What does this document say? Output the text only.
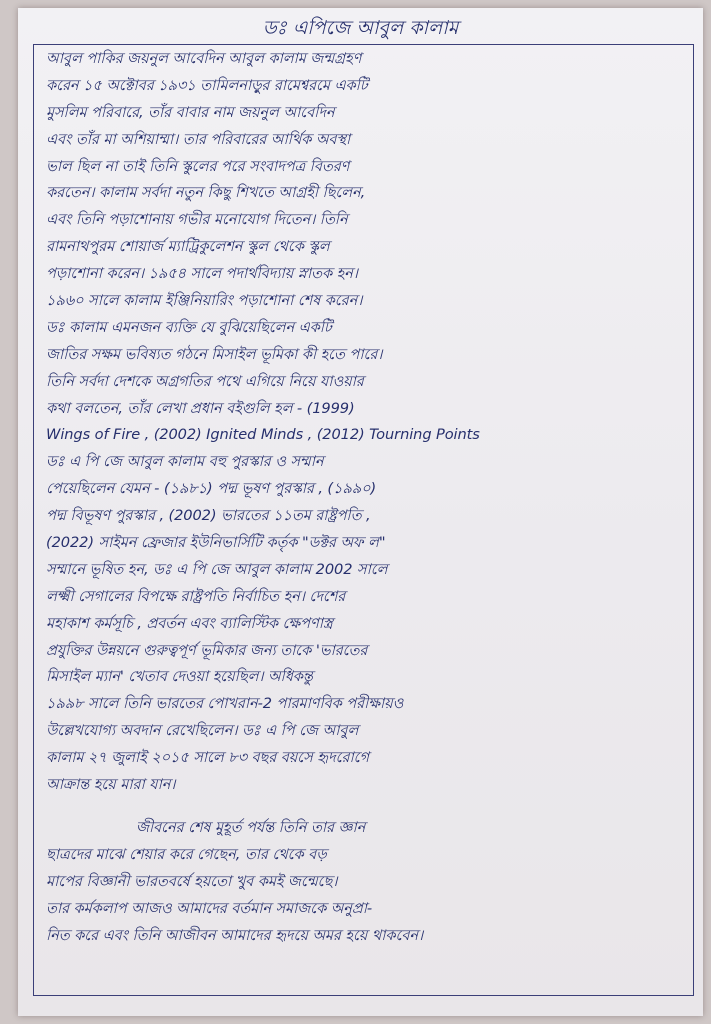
ডঃ এপিজে আবুল কালাম
আবুল পাকির জয়নুল আবেদিন আবুল কালাম জন্মগ্রহণ
করেন ১৫ অক্টোবর ১৯৩১ তামিলনাড়ুর রামেশ্বরমে একটি
মুসলিম পরিবারে, তাঁর বাবার নাম জয়নুল আবেদিন
এবং তাঁর মা অশিয়াম্মা। তার পরিবারের আর্থিক অবস্থা
ভাল ছিল না তাই তিনি স্কুলের পরে সংবাদপত্র বিতরণ
করতেন। কালাম সর্বদা নতুন কিছু শিখতে আগ্রহী ছিলেন,
এবং তিনি পড়াশোনায় গভীর মনোযোগ দিতেন। তিনি
রামনাথপুরম শোয়ার্জ ম্যাট্রিকুলেশন স্কুল থেকে স্কুল
পড়াশোনা করেন। ১৯৫৪ সালে পদার্থবিদ্যায় স্নাতক হন।
১৯৬০ সালে কালাম ইঞ্জিনিয়ারিং পড়াশোনা শেষ করেন।
ডঃ কালাম এমনজন ব্যক্তি যে বুঝিয়েছিলেন একটি
জাতির সক্ষম ভবিষ্যত গঠনে মিসাইল ভূমিকা কী হতে পারে।
তিনি সর্বদা দেশকে অগ্রগতির পথে এগিয়ে নিয়ে যাওয়ার
কথা বলতেন, তাঁর লেখা প্রধান বইগুলি হল - (1999)
Wings of Fire , (2002) Ignited Minds , (2012) Tourning Points
ডঃ এ পি জে আবুল কালাম বহু পুরস্কার ও সম্মান
পেয়েছিলেন যেমন - (১৯৮১) পদ্ম ভূষণ পুরস্কার , (১৯৯০)
পদ্ম বিভূষণ পুরস্কার , (2002) ভারতের ১১তম রাষ্ট্রপতি ,
(2022) সাইমন ফ্রেজার ইউনিভার্সিটি কর্তৃক "ডক্টর অফ ল"
সম্মানে ভূষিত হন, ডঃ এ পি জে আবুল কালাম 2002 সালে
লক্ষ্মী সেগালের বিপক্ষে রাষ্ট্রপতি নির্বাচিত হন। দেশের
মহাকাশ কর্মসূচি , প্রবর্তন এবং ব্যালিস্টিক ক্ষেপণাস্ত্র
প্রযুক্তির উন্নয়নে গুরুত্বপূর্ণ ভূমিকার জন্য তাকে 'ভারতের
মিসাইল ম্যান' খেতাব দেওয়া হয়েছিল। অধিকন্তু
১৯৯৮ সালে তিনি ভারতের পোখরান-2 পারমাণবিক পরীক্ষায়ও
উল্লেখযোগ্য অবদান রেখেছিলেন। ডঃ এ পি জে আবুল
কালাম ২৭ জুলাই ২০১৫ সালে ৮৩ বছর বয়সে হৃদরোগে
আক্রান্ত হয়ে মারা যান।
জীবনের শেষ মুহূর্ত পর্যন্ত তিনি তার জ্ঞান
ছাত্রদের মাঝে শেয়ার করে গেছেন, তার থেকে বড়
মাপের বিজ্ঞানী ভারতবর্ষে হয়তো খুব কমই জন্মেছে।
তার কর্মকলাপ আজও আমাদের বর্তমান সমাজকে অনুপ্রা-
নিত করে এবং তিনি আজীবন আমাদের হৃদয়ে অমর হয়ে থাকবেন।
